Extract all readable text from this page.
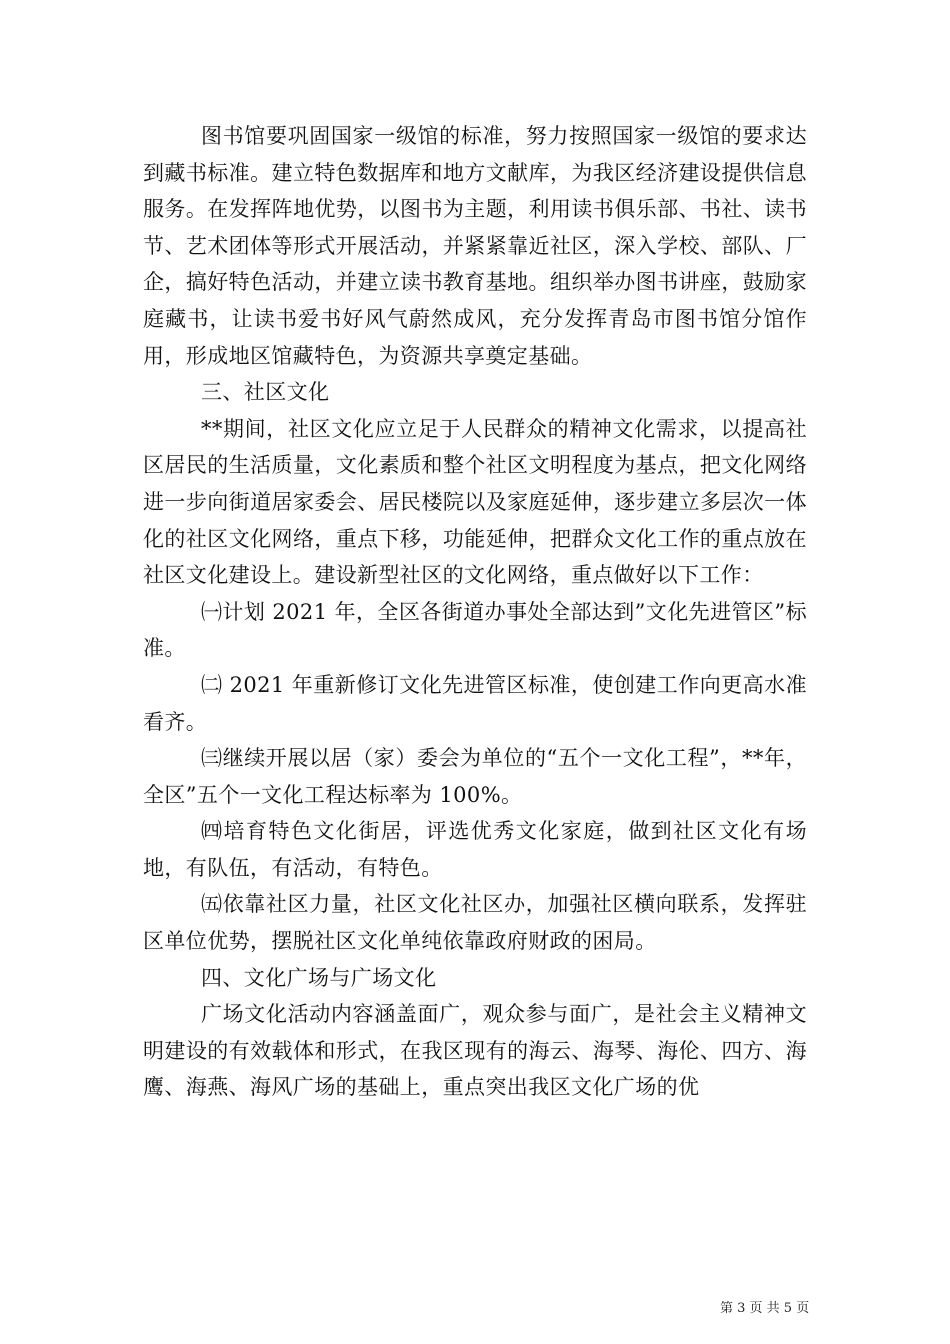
图书馆要巩固国家一级馆的标准，努力按照国家一级馆的要求达到藏书标准。建立特色数据库和地方文献库，为我区经济建设提供信息服务。在发挥阵地优势，以图书为主题，利用读书俱乐部、书社、读书节、艺术团体等形式开展活动，并紧紧靠近社区，深入学校、部队、厂企，搞好特色活动，并建立读书教育基地。组织举办图书讲座，鼓励家庭藏书，让读书爱书好风气蔚然成风，充分发挥青岛市图书馆分馆作用，形成地区馆藏特色，为资源共享奠定基础。

三、社区文化

**期间，社区文化应立足于人民群众的精神文化需求，以提高社区居民的生活质量，文化素质和整个社区文明程度为基点，把文化网络进一步向街道居家委会、居民楼院以及家庭延伸，逐步建立多层次一体化的社区文化网络，重点下移，功能延伸，把群众文化工作的重点放在社区文化建设上。建设新型社区的文化网络，重点做好以下工作：

㈠计划 2021 年，全区各街道办事处全部达到”文化先进管区”标准。

㈡ 2021 年重新修订文化先进管区标准，使创建工作向更高水准看齐。

㈢继续开展以居（家）委会为单位的“五个一文化工程”，**年，全区”五个一文化工程达标率为 100%。

㈣培育特色文化街居，评选优秀文化家庭，做到社区文化有场地，有队伍，有活动，有特色。

㈤依靠社区力量，社区文化社区办，加强社区横向联系，发挥驻区单位优势，摆脱社区文化单纯依靠政府财政的困局。

四、文化广场与广场文化

广场文化活动内容涵盖面广，观众参与面广，是社会主义精神文明建设的有效载体和形式，在我区现有的海云、海琴、海伦、四方、海鹰、海燕、海风广场的基础上，重点突出我区文化广场的优

第 3 页 共 5 页
